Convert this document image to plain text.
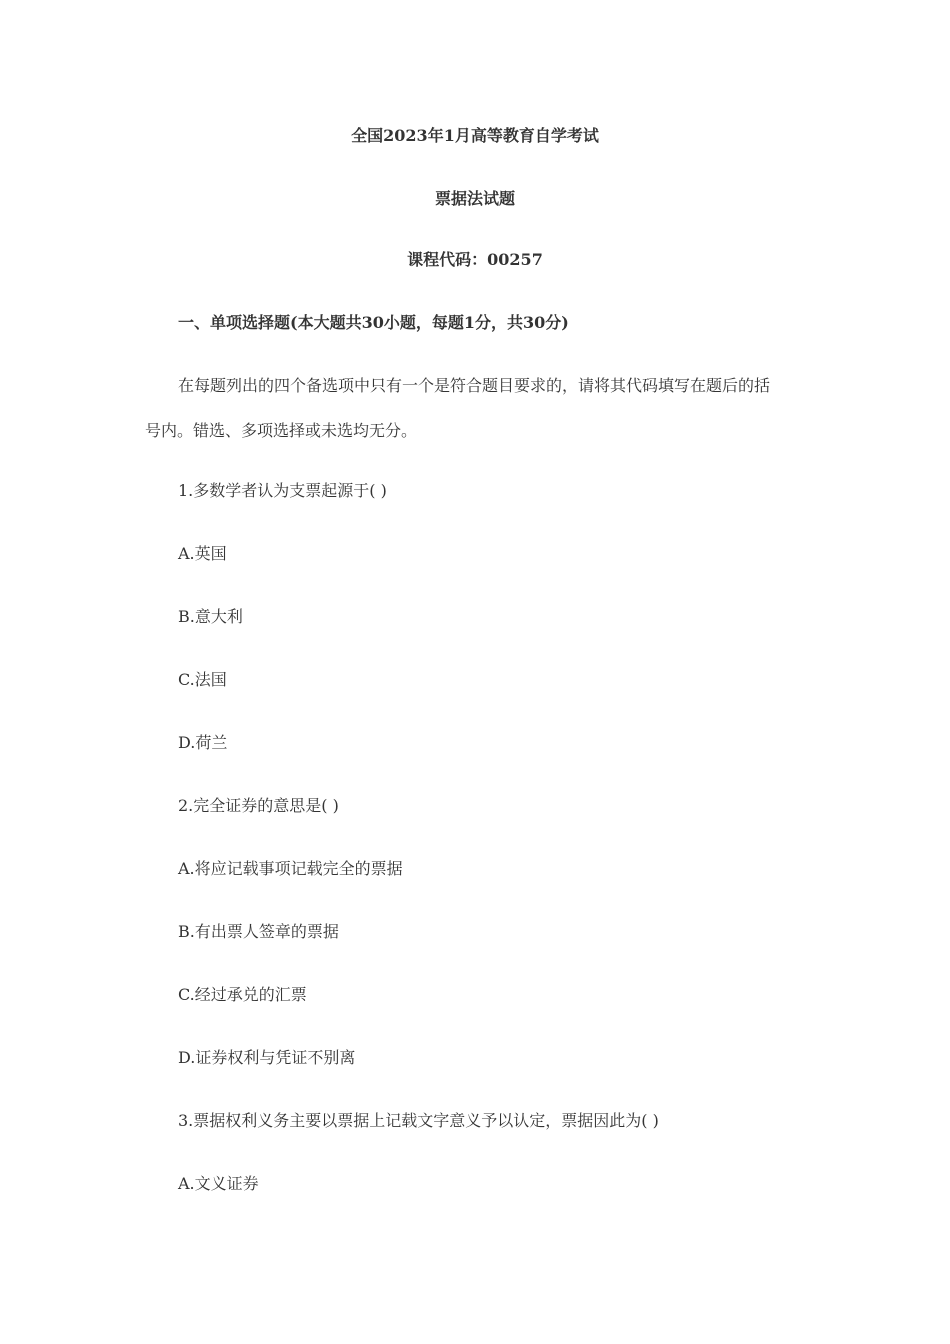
全国2023年1月高等教育自学考试
票据法试题
课程代码：00257
一、单项选择题(本大题共30小题，每题1分，共30分)
在每题列出的四个备选项中只有一个是符合题目要求的，请将其代码填写在题后的括
号内。错选、多项选择或未选均无分。
1.多数学者认为支票起源于( )
A.英国
B.意大利
C.法国
D.荷兰
2.完全证券的意思是( )
A.将应记载事项记载完全的票据
B.有出票人签章的票据
C.经过承兑的汇票
D.证券权利与凭证不别离
3.票据权利义务主要以票据上记载文字意义予以认定，票据因此为( )
A.文义证券
